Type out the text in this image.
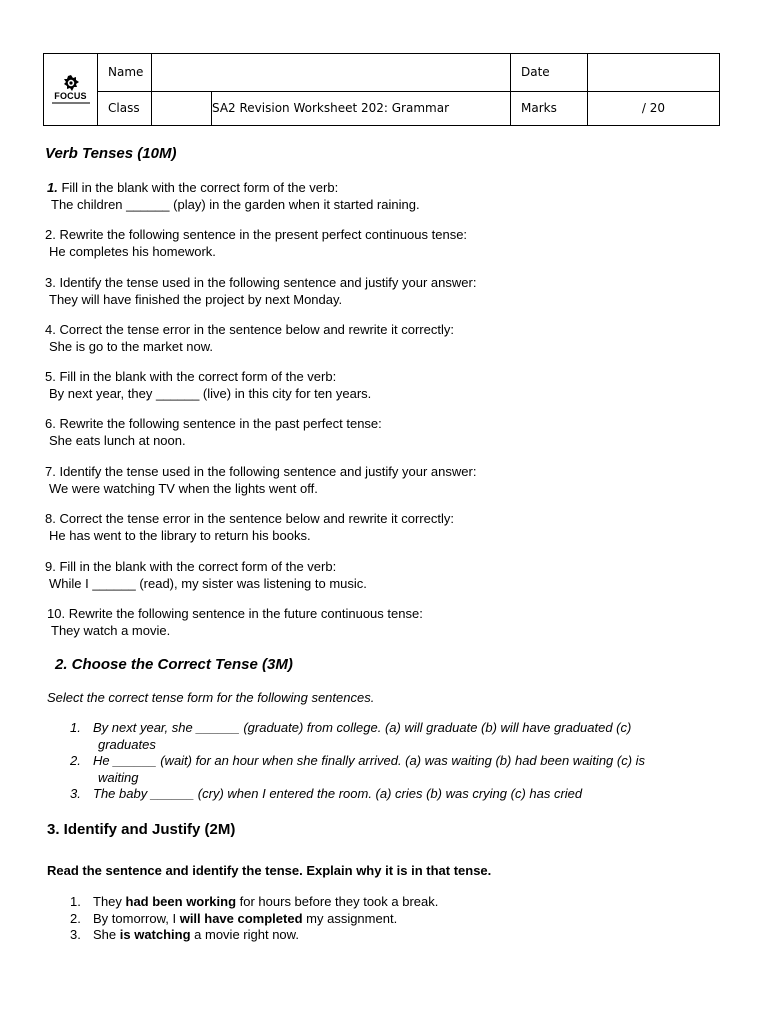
FOCUS	Name			Date	
	Class		SA2 Revision Worksheet 202: Grammar	Marks	/ 20
Verb Tenses (10M)
1. Fill in the blank with the correct form of the verb:
The children ______ (play) in the garden when it started raining.
2. Rewrite the following sentence in the present perfect continuous tense:
He completes his homework.
3. Identify the tense used in the following sentence and justify your answer:
They will have finished the project by next Monday.
4. Correct the tense error in the sentence below and rewrite it correctly:
She is go to the market now.
5. Fill in the blank with the correct form of the verb:
By next year, they ______ (live) in this city for ten years.
6. Rewrite the following sentence in the past perfect tense:
She eats lunch at noon.
7. Identify the tense used in the following sentence and justify your answer:
We were watching TV when the lights went off.
8. Correct the tense error in the sentence below and rewrite it correctly:
He has went to the library to return his books.
9. Fill in the blank with the correct form of the verb:
While I ______ (read), my sister was listening to music.
10. Rewrite the following sentence in the future continuous tense:
They watch a movie.
2. Choose the Correct Tense (3M)

Select the correct tense form for the following sentences.

1. By next year, she ______ (graduate) from college. (a) will graduate (b) will have graduated (c)
graduates
2. He ______ (wait) for an hour when she finally arrived. (a) was waiting (b) had been waiting (c) is
waiting
3. The baby ______ (cry) when I entered the room. (a) cries (b) was crying (c) has cried
3. Identify and Justify (2M)

Read the sentence and identify the tense. Explain why it is in that tense.

1. They had been working for hours before they took a break.
2. By tomorrow, I will have completed my assignment.
3. She is watching a movie right now.
